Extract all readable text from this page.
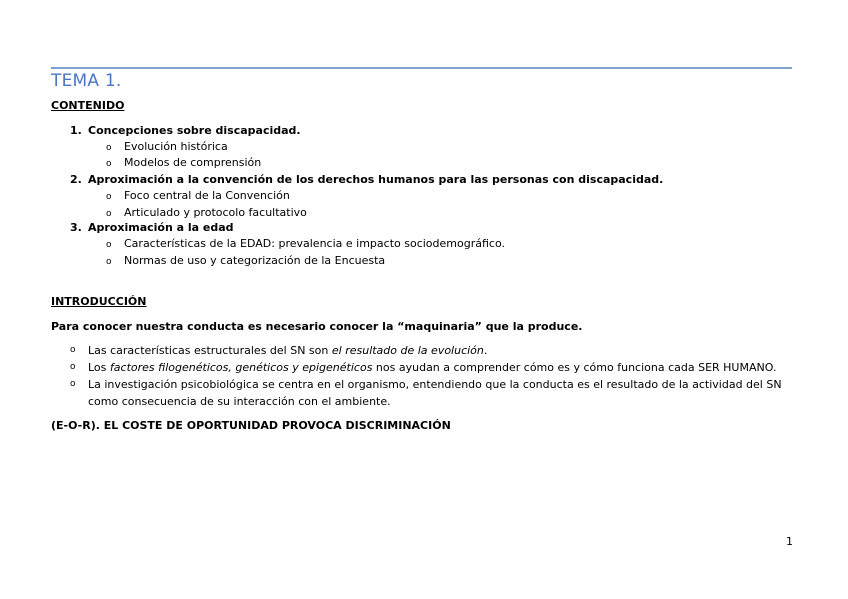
TEMA 1.
CONTENIDO
1. Concepciones sobre discapacidad.
o Evolución histórica
o Modelos de comprensión
2. Aproximación a la convención de los derechos humanos para las personas con discapacidad.
o Foco central de la Convención
o Articulado y protocolo facultativo
3. Aproximación a la edad
o Características de la EDAD: prevalencia e impacto sociodemográfico.
o Normas de uso y categorización de la Encuesta
INTRODUCCIÓN
Para conocer nuestra conducta es necesario conocer la “maquinaria” que la produce.
o Las características estructurales del SN son el resultado de la evolución.
o Los factores filogenéticos, genéticos y epigenéticos nos ayudan a comprender cómo es y cómo funciona cada SER HUMANO.
o La investigación psicobiológica se centra en el organismo, entendiendo que la conducta es el resultado de la actividad del SN como consecuencia de su interacción con el ambiente.
(E-O-R). EL COSTE DE OPORTUNIDAD PROVOCA DISCRIMINACIÓN
1
